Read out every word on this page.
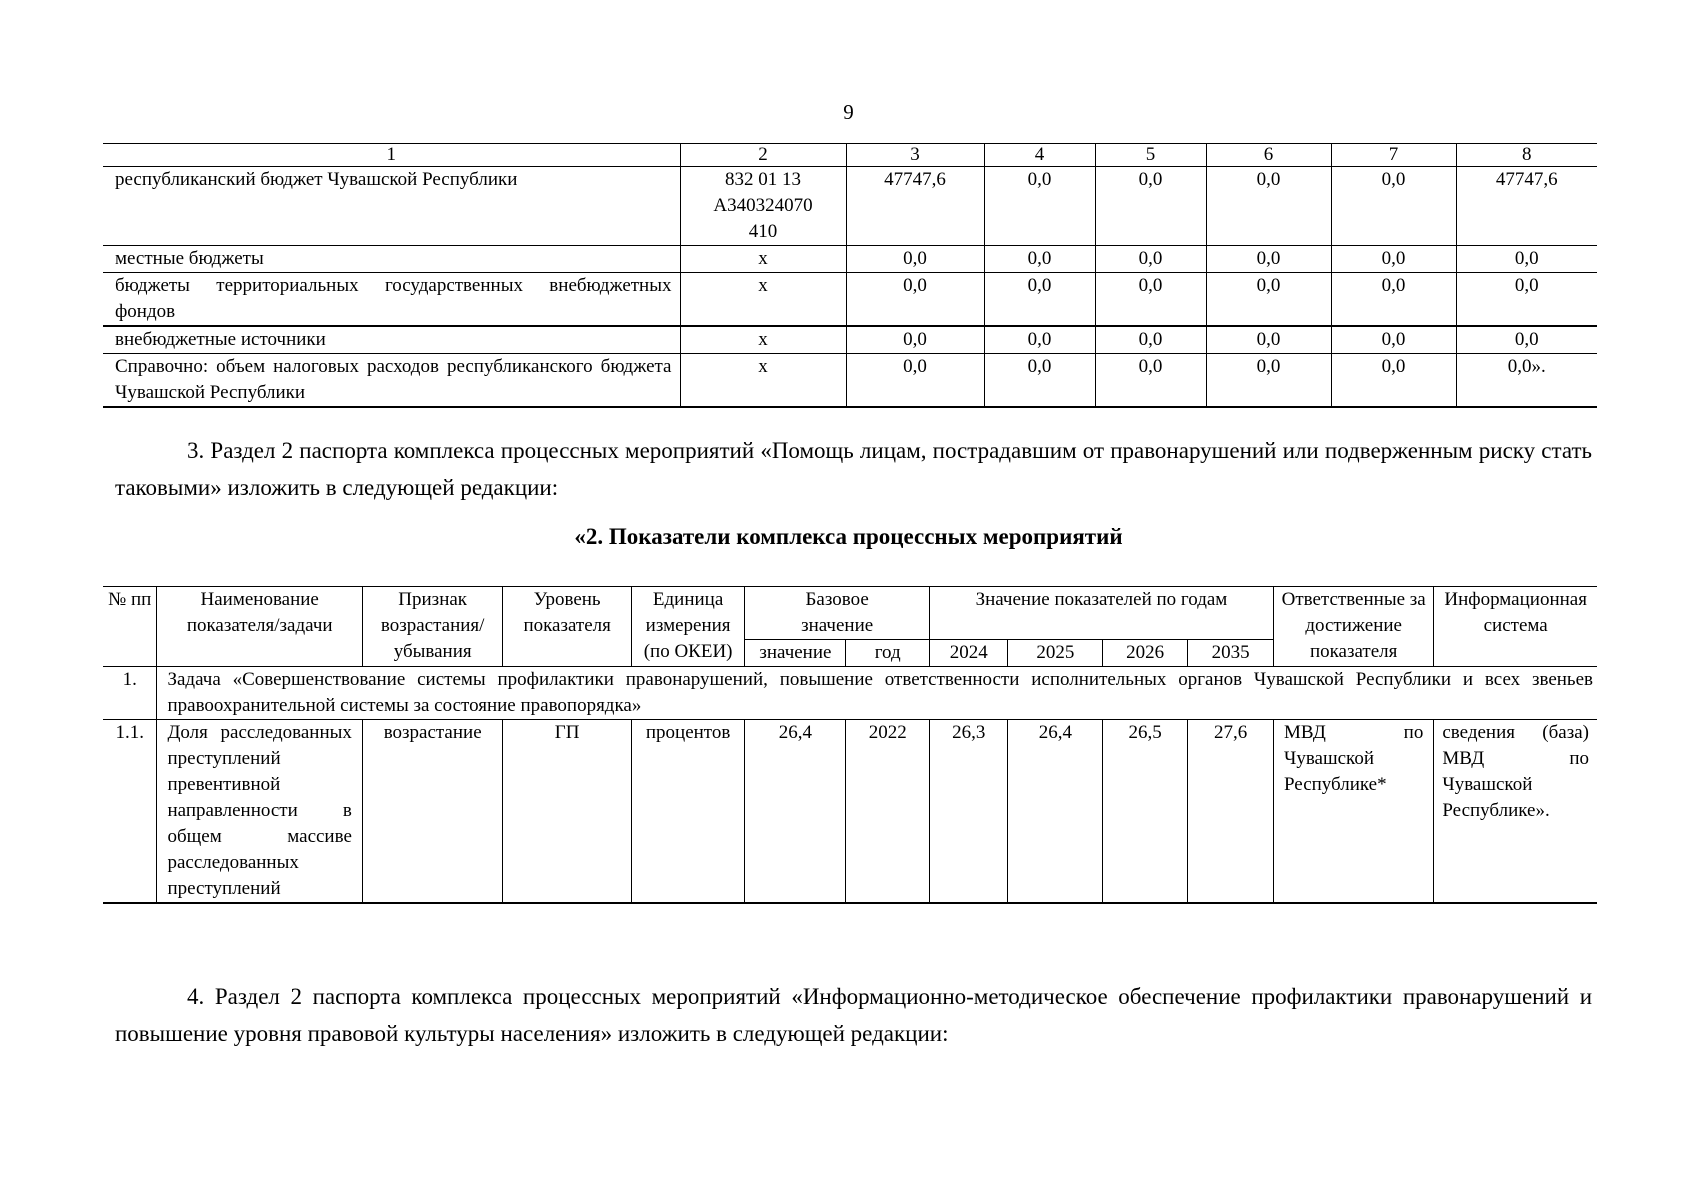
9
1	2	3	4	5	6	7	8
республиканский бюджет Чувашской Республики	832 01 13 А340324070 410	47747,6	0,0	0,0	0,0	0,0	47747,6
местные бюджеты	х	0,0	0,0	0,0	0,0	0,0	0,0
бюджеты территориальных государственных внебюджетных фондов	х	0,0	0,0	0,0	0,0	0,0	0,0
внебюджетные источники	х	0,0	0,0	0,0	0,0	0,0	0,0
Справочно: объем налоговых расходов республиканского бюджета Чувашской Республики	х	0,0	0,0	0,0	0,0	0,0	0,0».
3. Раздел 2 паспорта комплекса процессных мероприятий «Помощь лицам, пострадавшим от правонарушений или подверженным риску стать таковыми» изложить в следующей редакции:
«2. Показатели комплекса процессных мероприятий
№ пп	Наименование показателя/задачи	Признак возрастания/убывания	Уровень показателя	Единица измерения (по ОКЕИ)	Базовое значение		Значение показателей по годам				Ответственные за достижение показателя	Информационная система
					значение	год	2024	2025	2026	2035		
1.	Задача «Совершенствование системы профилактики правонарушений, повышение ответственности исполнительных органов Чувашской Республики и всех звеньев правоохранительной системы за состояние правопорядка»											
1.1.	Доля расследованных преступлений превентивной направленности в общем массиве расследованных преступлений	возрастание	ГП	процентов	26,4	2022	26,3	26,4	26,5	27,6	МВД по Чувашской Республике*	сведения (база) МВД по Чувашской Республике».
4. Раздел 2 паспорта комплекса процессных мероприятий «Информационно-методическое обеспечение профилактики правонарушений и повышение уровня правовой культуры населения» изложить в следующей редакции:
